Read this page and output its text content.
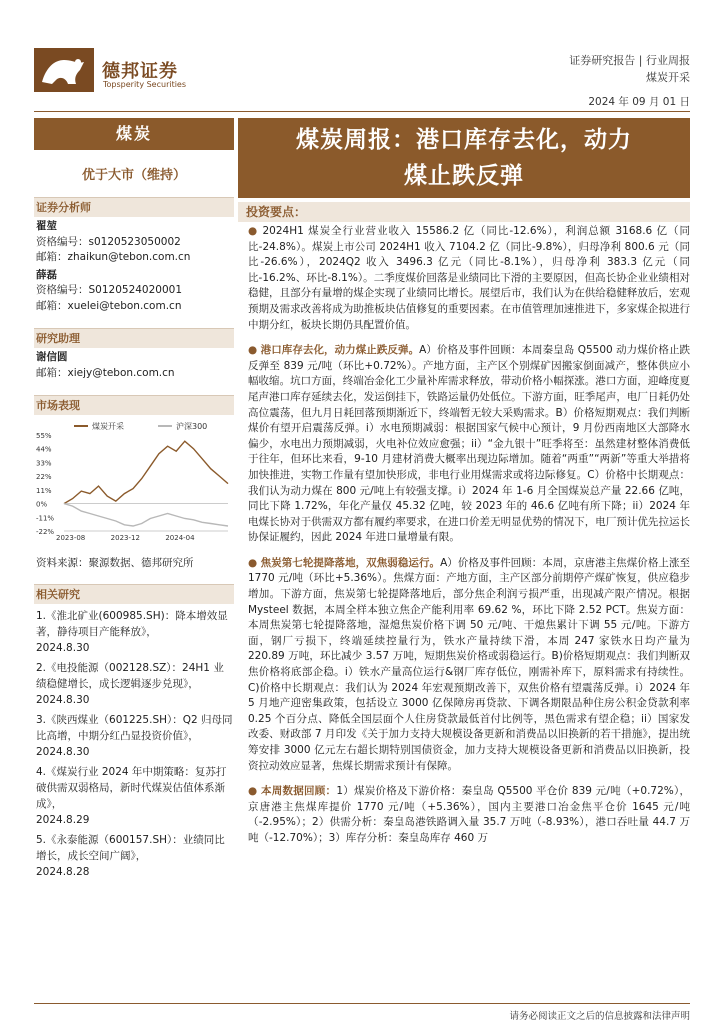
德邦证券
Topsperity Securities
证券研究报告 | 行业周报
煤炭开采
2024 年 09 月 01 日
煤炭
优于大市（维持）
证券分析师
翟堃
资格编号：s0120523050002
邮箱：zhaikun@tebon.com.cn
薛磊
资格编号：S0120524020001
邮箱：xuelei@tebon.com.cn
研究助理
谢信圆
邮箱：xiejy@tebon.com.cn
市场表现
煤炭开采	沪深300
55%
44%
33%
22%
11%
0%
-11%
-22%
2023-08	2023-12	2024-04
资料来源：聚源数据、德邦研究所
相关研究
1.《淮北矿业(600985.SH)：降本增效显著，静待项目产能释放》，
2024.8.30
2.《电投能源（002128.SZ）：24H1 业绩稳健增长，成长逻辑逐步兑现》，
2024.8.30
3.《陕西煤业（601225.SH）：Q2 归母同比高增，中期分红凸显投资价值》，
2024.8.30
4.《煤炭行业 2024 年中期策略：复苏打破供需双弱格局，新时代煤炭估值体系渐成》，
2024.8.29
5.《永泰能源（600157.SH）：业绩同比增长，成长空间广阔》，
2024.8.28
煤炭周报：港口库存去化，动力
煤止跌反弹
投资要点：

● 2024H1 煤炭全行业营业收入 15586.2 亿（同比-12.6%），利润总额 3168.6 亿（同比-24.8%）。煤炭上市公司 2024H1 收入 7104.2 亿（同比-9.8%），归母净利 800.6 元（同比-26.6%），2024Q2 收入 3496.3 亿元（同比-8.1%），归母净利 383.3 亿元（同比-16.2%、环比-8.1%）。二季度煤价回落是业绩同比下滑的主要原因，但高长协企业业绩相对稳健，且部分有量增的煤企实现了业绩同比增长。展望后市，我们认为在供给稳健释放后，宏观预期及需求改善将成为助推板块估值修复的重要因素。在市值管理加速推进下，多家煤企拟进行中期分红，板块长期仍具配置价值。

● 港口库存去化，动力煤止跌反弹。A）价格及事件回顾：本周秦皇岛 Q5500 动力煤价格止跌反弹至 839 元/吨（环比+0.72%）。产地方面，主产区个别煤矿因搬家倒面减产，整体供应小幅收缩。坑口方面，终端冶金化工少量补库需求释放，带动价格小幅探涨。港口方面，迎峰度夏尾声港口库存延续去化，发运倒挂下，铁路运量仍处低位。下游方面，旺季尾声，电厂日耗仍处高位震荡，但九月日耗回落预期渐近下，终端暂无较大采购需求。B）价格短期观点：我们判断煤价有望开启震荡反弹。i）水电预期减弱：根据国家气候中心预计，9 月份西南地区大部降水偏少，水电出力预期减弱，火电补位效应愈强；ii）“金九银十”旺季将至：虽然建材整体消费低于往年，但环比来看，9-10 月建材消费大概率出现边际增加。随着“两重”“两新”等重大举措将加快推进，实物工作量有望加快形成，非电行业用煤需求或将边际修复。C）价格中长期观点：我们认为动力煤在 800 元/吨上有较强支撑。i）2024 年 1-6 月全国煤炭总产量 22.66 亿吨，同比下降 1.72%，年化产量仅 45.32 亿吨，较 2023 年的 46.6 亿吨有所下降；ii）2024 年电煤长协对于供需双方都有履约率要求，在进口价差无明显优势的情况下，电厂预计优先拉运长协保证履约，因此 2024 年进口量增量有限。

● 焦炭第七轮提降落地，双焦弱稳运行。A）价格及事件回顾：本周，京唐港主焦煤价格上涨至 1770 元/吨（环比+5.36%）。焦煤方面：产地方面，主产区部分前期停产煤矿恢复，供应稳步增加。下游方面，焦炭第七轮提降落地后，部分焦企利润亏损严重，出现减产限产情况。根据 Mysteel 数据，本周全样本独立焦企产能利用率 69.62 %，环比下降 2.52 PCT。焦炭方面：本周焦炭第七轮提降落地，湿熄焦炭价格下调 50 元/吨、干熄焦累计下调 55 元/吨。下游方面，钢厂亏损下，终端延续控量行为，铁水产量持续下滑，本周 247 家铁水日均产量为 220.89 万吨，环比减少 3.57 万吨，短期焦炭价格或弱稳运行。B)价格短期观点：我们判断双焦价格将底部企稳。i）铁水产量高位运行&钢厂库存低位，刚需补库下，原料需求有持续性。C)价格中长期观点：我们认为 2024 年宏观预期改善下，双焦价格有望震荡反弹。i）2024 年 5 月地产迎密集政策，包括设立 3000 亿保障房再贷款、下调各期限品种住房公积金贷款利率 0.25 个百分点、降低全国层面个人住房贷款最低首付比例等，黑色需求有望企稳；ii）国家发改委、财政部 7 月印发《关于加力支持大规模设备更新和消费品以旧换新的若干措施》，提出统筹安排 3000 亿元左右超长期特别国债资金，加力支持大规模设备更新和消费品以旧换新，投资拉动效应显著，焦煤长期需求预计有保障。

● 本周数据回顾：1）煤炭价格及下游价格：秦皇岛 Q5500 平仓价 839 元/吨（+0.72%），京唐港主焦煤库提价 1770 元/吨（+5.36%），国内主要港口冶金焦平仓价 1645 元/吨（-2.95%）；2）供需分析：秦皇岛港铁路调入量 35.7 万吨（-8.93%），港口吞吐量 44.7 万吨（-12.70%）；3）库存分析：秦皇岛库存 460 万

请务必阅读正文之后的信息披露和法律声明
